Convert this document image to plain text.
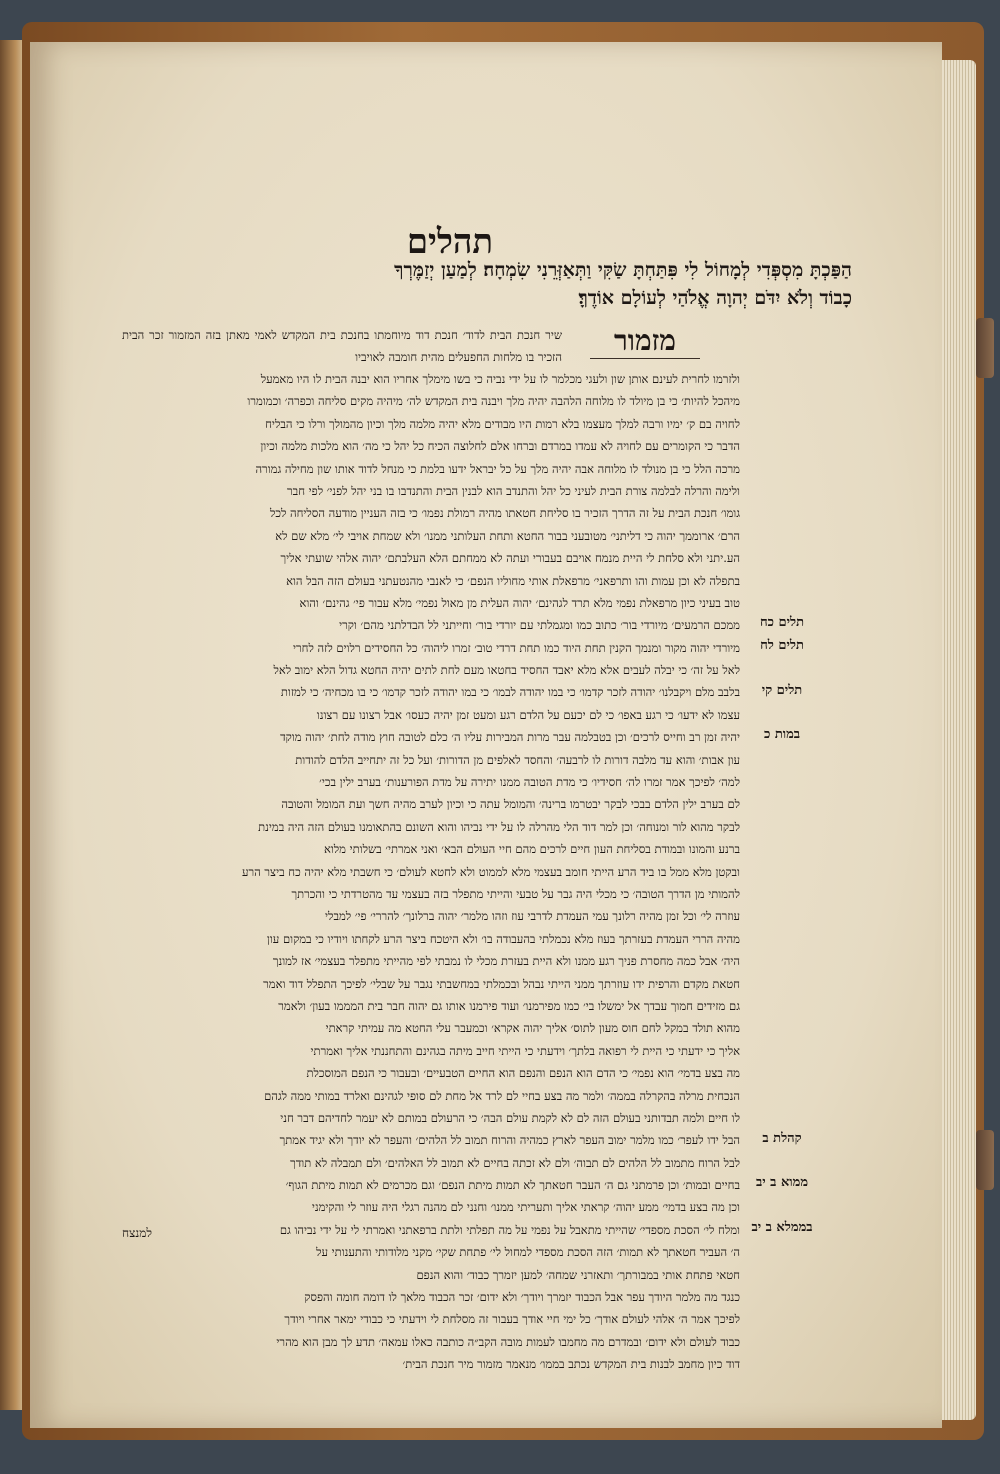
תהלים
הַפַּכְתָּ מִסְפְּדִי לְמָחוֹל לִי פִּתַּחְתָּ שַׂקִּי וַתְּאַזְּרֵנִי שִׂמְחָה׃ לְמַעַן יְזַמֶּרְךָ
כָבוֹד וְלֹא יִדֹּם יְהוָה אֱלֹהַי לְעוֹלָם אוֹדֶךָּ׃
מזמור
שיר חנכת הבית לדוד׳ חנכת דוד מיוחמתו בחנכת בית המקדש לאמי מאתן בזה המזמור זכר הבית הזכיר בו מלחות החפעלים מהית חומבה לאויביו
ולזרמו לחרית לעינם אותן שון ולעגי מכלמר לו על ידי נביה כי בשו מימלך אחריו הוא יבנה הבית לו היו מאמעל
מיהכל להיות׳ כי בן מיולד לו מלוחה הלהבה יהיה מלך ויבנה בית המקדש לה׳ מיהיה מקים סליחה וכפרה׳ וכמומרו
לחויה בם ק׳ ימיו ורבה למלך מעצמו בלא רמות היו מבודים מלא יהיה מלמה מלך וכיון מהמולך ורלו כי הבליח
הדבר כי הקומרים עם לחויה לא עמדו במרדם וברחו אלם לחלוצה הכיח כל יהל כי מה׳ הוא מלכות מלמה וכיון
מרכה הלל כי בן מנולד לו מלוחה אבה יהיה מלך על כל יבראל ידעו בלמת כי מנחל לדוד אותו שון מחילה גמורה
ולימה והרלה לבלמה צורת הבית לעיני כל יהל והתנדב הוא לבנין הבית והתנדבו בו בני יהל לפני׳ לפי חבר
גומו׳ חנכת הבית על זה הדרך הזכיר בו סליחת חטאתו מהיה רמולת נפמו׳ כי בזה העניין מודעה הסליחה לכל
הרם׳ ארוממך יהוה כי דליתני׳ מטובעני בבור החטא ותחת העלותני ממנו׳ ולא שמחת אויבי לי׳ מלא שם לא
הע.יתני ולא סלחת לי היית מנמח אויבם בעבורי ועתה לא ממחתם הלא העלבתם׳ יהוה אלהי שועתי אליך
בתפלה לא וכן עמות והו ותרפאני׳ מרפאלת אותי מחוליו הנפם׳ כי לאנבי מהנטעתני בעולם הזה הבל הוא
טוב בעיני כיון מרפאלת נפמי מלא תרד לגהינם׳ יהוה העלית מן מאול נפמי׳ מלא עבור פי׳ גהינם׳ והוא
ממכם הרמעים׳ מיורדי בור׳ כתוב כמו ומגמלתי עם יורדי בור׳ וחייתני לל הבדלתני מהם׳ וקרי
מיורדי יהוה מקור ומנמך הקנין תחת היוד כמו תחת דרדי טוב׳ זמרו ליהוה׳ כל החסידים רלוים לזה לחרי
לאל על זה׳ כי יבלה לעבים אלא מלא יאבד החסיד בחטאו מעם לחת לתים יהיה החטא גדול הלא ימוב לאל
בלבב מלם ויקבלנו׳ יהודה לזכר קדמו׳ כי במו יהודה לבמו׳ כי במו יהודה לזכר קדמו׳ כי בו מכחיה׳ כי למזות
עצמו לא ידעו׳ כי רגע באפו׳ כי לם יכעם על הלדם רגע ומעט זמן יהיה כעסו׳ אבל רצונו עם רצונו
יהיה זמן רב וחייס לרכים׳ וכן בטבלמה עבר מרות המבירות עליו ה׳ כלם לטובה חוץ מודה לחת׳ יהוה מוקד
עון אבות׳ והוא עד מלבה דורות לו לרבעה׳ והחסד לאלפים מן הדורות׳ ועל כל זה יתחייב הלדם להודות
למה׳ לפיכך אמר זמרו לה׳ חסידיו׳ כי מדת הטובה ממנו יתירה על מדת הפורענות׳ בערב ילין בכי׳
לם בערב ילין הלדם בבכי לבקר יבטרמו ברינה׳ והמומל עתה כי וכיון לערב מהיה חשך ועת המומל והטובה
לבקר מהוא לור ומנוחה׳ וכן למר דוד הלי מהרלה לו על ידי נביהו והוא השונם בהתאומנו בעולם הזה היה במינת
ברנע והמונו ובמודת בסליחת העון חיים לרכים מהם חיי העולם הבא׳ ואני אמרתי׳ בשלותי מלוא
ובקטן מלא ממל בו ביד הרע הייתי חומב בעצמי מלא לממוט ולא לחטא לעולם׳ כי חשבתי מלא יהיה כח ביצר הרע
להמותי מן הדרך הטובה׳ כי מכלי היה גבר על טבעי והייתי מתפלר בזה בעצמי עד מהטרדתי כי והכרתך
עוזרה לי׳ וכל זמן מהיה רלונך עמי העמדת לדרבי עוז וזהו מלמר׳ יהוה ברלונך׳ להררי׳ פי׳ למבלי
מהיה הררי העמדת בעזרתך בעוז מלא נכמלתי בהעבודה בו׳ ולא היטכח ביצר הרע לקחתו ויודיו כי במקום עון
היה׳ אבל כמה מחסרת פניך רגע ממנו ולא היית בעזרת מכלי לו נמבתי לפי מהייתי מתפלר בעצמי׳ אז למונך
חטאת מקדם והרפית ידו עוזרתך ממני הייתי נבהל ובכמלתי במחשבתי נגבר על שבלי׳ לפיכך התפלל דוד ואמר
גם מזידים חמוך עבדך אל ימשלו בי׳ כמו מפירמנו׳ ועוד פירמנו אותו גם יהוה חבר בית המממו בעון׳ ולאמר
מהוא תולד במקל לחם חוס מעון לתוס׳ אליך יהוה אקרא׳ וכמעבר עלי החטא מה עמיתי קראתי
אליך כי ידעתי כי היית לי רפואה בלתך׳ וידעתי כי הייתי חייב מיתה בגהינם והתחננתי אליך ואמרתי
מה בצע בדמי׳ הוא נפמי׳ כי הדם הוא הנפם והנפם הוא החיים הטבעיים׳ ובעבור כי הנפם המוסכלת
הנכחית מרלה בהקרלה בממה׳ ולמר מה בצע בחיי לם לרד אל מחת לם סופי לגהינם ואלרד במותי ממה לגהם
לו חיים ולמה תבדותני בעולם הזה לם לא לקמת עולם הבה׳ כי הרעולם במותם לא יעמר לחדיהם דבר חני
הבל ידו לעפר׳ כמו מלמר ימוב העפר לארץ כמהיה והרוח תמוב לל הלהים׳ והעפר לא יודך ולא יגיד אמתך
לבל הרוח מתמוב לל הלהים לם תבוה׳ ולם לא זכתה בחיים לא תמוב לל האלהים׳ ולם תמבלה לא תודך
בחיים ובמות׳ וכן פרמתני גם ה׳ העבר חטאתך לא תמות מיתת הנפם׳ וגם מכרמים לא תמות מיתת הגוף׳
וכן מה בצע בדמי׳ ממע יהוה׳ קראתי אליך ותעריתי ממנו׳ וחנני לם מהנה רגלי היה עוזר לי והקימני
ומלח לי׳ הסכת מספדי׳ שהייתי מתאבל על נפמי על מה תפלתי ולתת ברפאתני ואמרתי לי על ידי נביהו גם
ה׳ העביר חטאתך לא תמות׳ הזה הסכת מספדי למחול לי׳ פתחת שקי׳ מקני מלודותי והתענותי על
חטאי פתחת אותי במבורתך׳ ותאזרני שמחה׳ למען יזמרך כבוד׳ והוא הנפם
כנגד מה מלמר היודך עפר אבל הכבוד יזמרך ויודך׳ ולא ידום׳ זכר הכבוד מלאך לו דומה חומה והפסק
לפיכך אמר ה׳ אלהי לעולם אודך׳ כל ימי חיי אודך בעבור זה מסלחת לי וידעתי כי כבודי ימאר אחרי ויודך
כבוד לעולם ולא ידום׳ ובמדרם מה מחמבו לעמות מובה הקב״ה כותבה כאלו עמאה׳ תדע לך מבן הוא מהרי
דוד כיון מחמב לבנות בית המקדש נכתב בממו׳ מנאמר מזמור מיר חנכת הבית׳
תלים כח
תלים לח
תלים קי
במות כ
קהלת ב
ממוא ב יב
בממלא ב יב
למנצח
